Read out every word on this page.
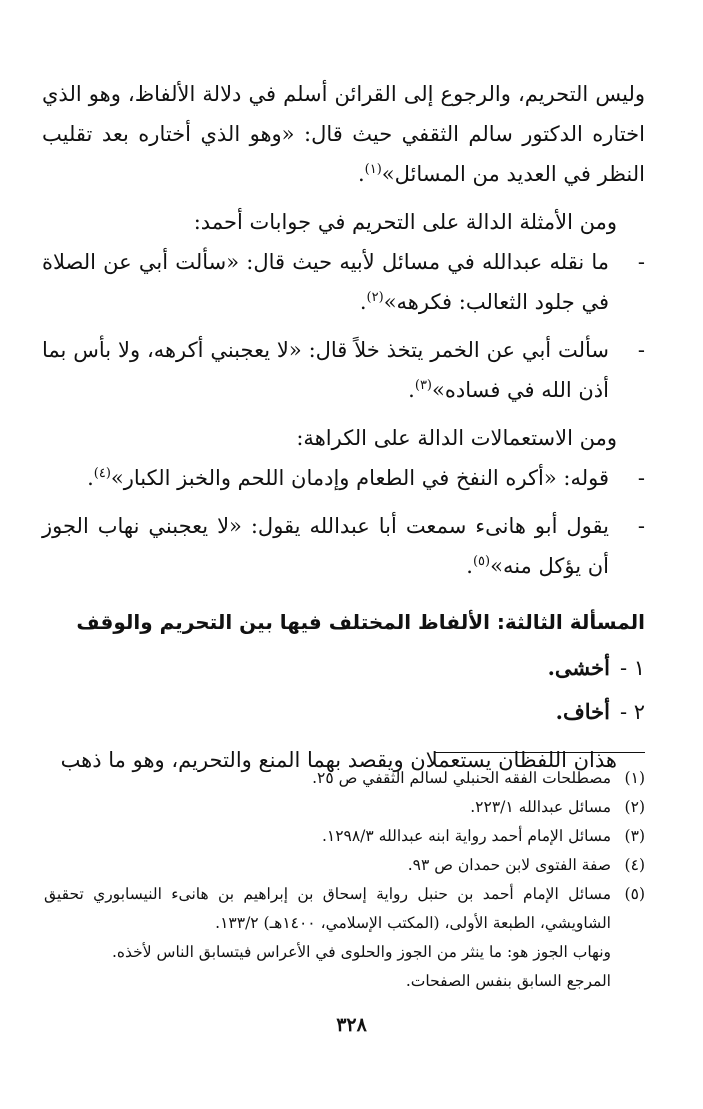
وليس التحريم، والرجوع إلى القرائن أسلم في دلالة الألفاظ، وهو الذي اختاره الدكتور سالم الثقفي حيث قال: «وهو الذي أختاره بعد تقليب النظر في العديد من المسائل»$^{(١)}$.

ومن الأمثلة الدالة على التحريم في جوابات أحمد:

-
ما نقله عبدالله في مسائل لأبيه حيث قال: «سألت أبي عن الصلاة في جلود الثعالب: فكرهه»$^{(٢)}$.
-
سألت أبي عن الخمر يتخذ خلاً قال: «لا يعجبني أكرهه، ولا بأس بما أذن الله في فساده»$^{(٣)}$.

ومن الاستعمالات الدالة على الكراهة:

-
قوله: «أكره النفخ في الطعام وإدمان اللحم والخبز الكبار»$^{(٤)}$.
-
يقول أبو هانىء سمعت أبا عبدالله يقول: «لا يعجبني نهاب الجوز أن يؤكل منه»$^{(٥)}$.
المسألة الثالثة: الألفاظ المختلف فيها بين التحريم والوقف

١ -أخشى.

٢ -أخاف.

هذان اللفظان يستعملان ويقصد بهما المنع والتحريم، وهو ما ذهب

(١)
مصطلحات الفقه الحنبلي لسالم الثقفي ص ٢٥.
(٢)
مسائل عبدالله ٢٢٣/١.
(٣)
مسائل الإمام أحمد رواية ابنه عبدالله ١٢٩٨/٣.
(٤)
صفة الفتوى لابن حمدان ص ٩٣.
(٥)
مسائل الإمام أحمد بن حنبل رواية إسحاق بن إبراهيم بن هانىء النيسابوري تحقيق الشاويشي، الطبعة الأولى، (المكتب الإسلامي، ١٤٠٠هـ) ١٣٣/٢.
ونهاب الجوز هو: ما ينثر من الجوز والحلوى في الأعراس فيتسابق الناس لأخذه.
المرجع السابق بنفس الصفحات.
٣٢٨
